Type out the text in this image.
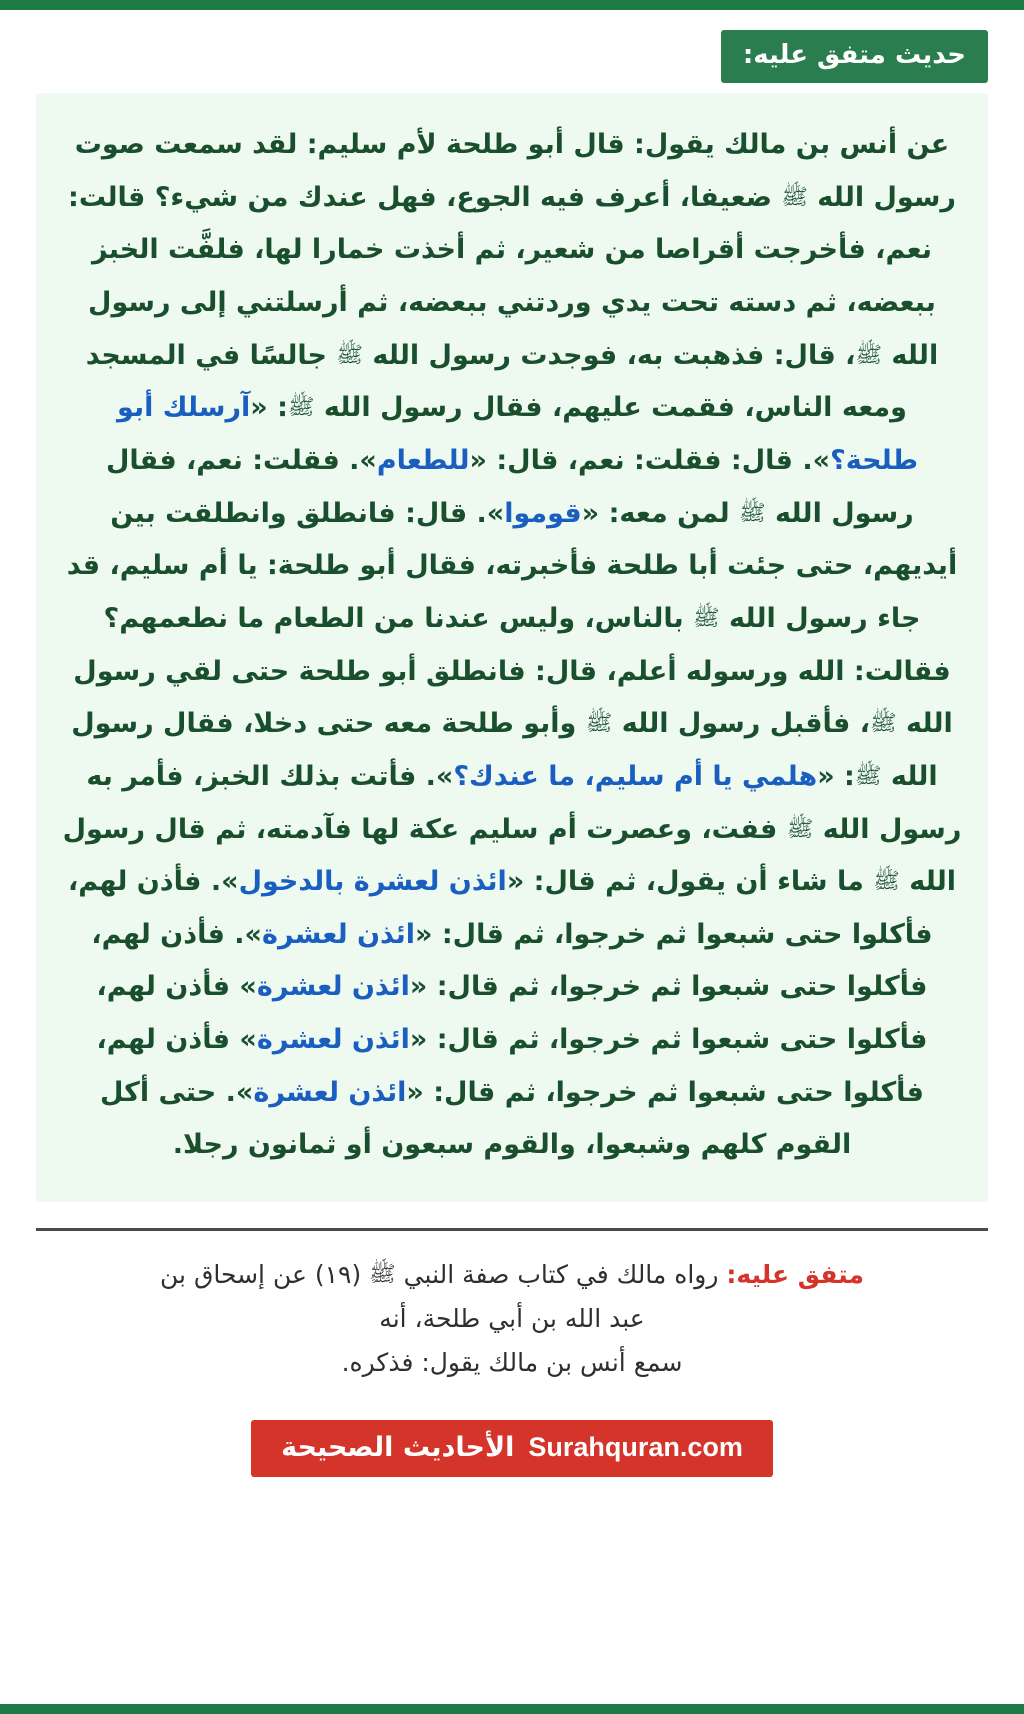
حديث متفق عليه:
عن أنس بن مالك يقول: قال أبو طلحة لأم سليم: لقد سمعت صوت رسول الله ﷺ ضعيفا، أعرف فيه الجوع، فهل عندك من شيء؟ قالت: نعم، فأخرجت أقراصا من شعير، ثم أخذت خمارا لها، فلفَّت الخبز ببعضه، ثم دسته تحت يدي وردتني ببعضه، ثم أرسلتني إلى رسول الله ﷺ، قال: فذهبت به، فوجدت رسول الله ﷺ جالسًا في المسجد ومعه الناس، فقمت عليهم، فقال رسول الله ﷺ: «آرسلك أبو طلحة؟». قال: فقلت: نعم، قال: «للطعام». فقلت: نعم، فقال رسول الله ﷺ لمن معه: «قوموا». قال: فانطلق وانطلقت بين أيديهم، حتى جئت أبا طلحة فأخبرته، فقال أبو طلحة: يا أم سليم، قد جاء رسول الله ﷺ بالناس، وليس عندنا من الطعام ما نطعمهم؟ فقالت: الله ورسوله أعلم، قال: فانطلق أبو طلحة حتى لقي رسول الله ﷺ، فأقبل رسول الله ﷺ وأبو طلحة معه حتى دخلا، فقال رسول الله ﷺ: «هلمي يا أم سليم، ما عندك؟». فأتت بذلك الخبز، فأمر به رسول الله ﷺ ففت، وعصرت أم سليم عكة لها فآدمته، ثم قال رسول الله ﷺ ما شاء أن يقول، ثم قال: «ائذن لعشرة بالدخول». فأذن لهم، فأكلوا حتى شبعوا ثم خرجوا، ثم قال: «ائذن لعشرة». فأذن لهم، فأكلوا حتى شبعوا ثم خرجوا، ثم قال: «ائذن لعشرة» فأذن لهم، فأكلوا حتى شبعوا ثم خرجوا، ثم قال: «ائذن لعشرة» فأذن لهم، فأكلوا حتى شبعوا ثم خرجوا، ثم قال: «ائذن لعشرة». حتى أكل القوم كلهم وشبعوا، والقوم سبعون أو ثمانون رجلا.
متفق عليه: رواه مالك في كتاب صفة النبي ﷺ (١٩) عن إسحاق بن
عبد الله بن أبي طلحة، أنه
سمع أنس بن مالك يقول: فذكره.
Surahquran.com
الأحاديث الصحيحة
